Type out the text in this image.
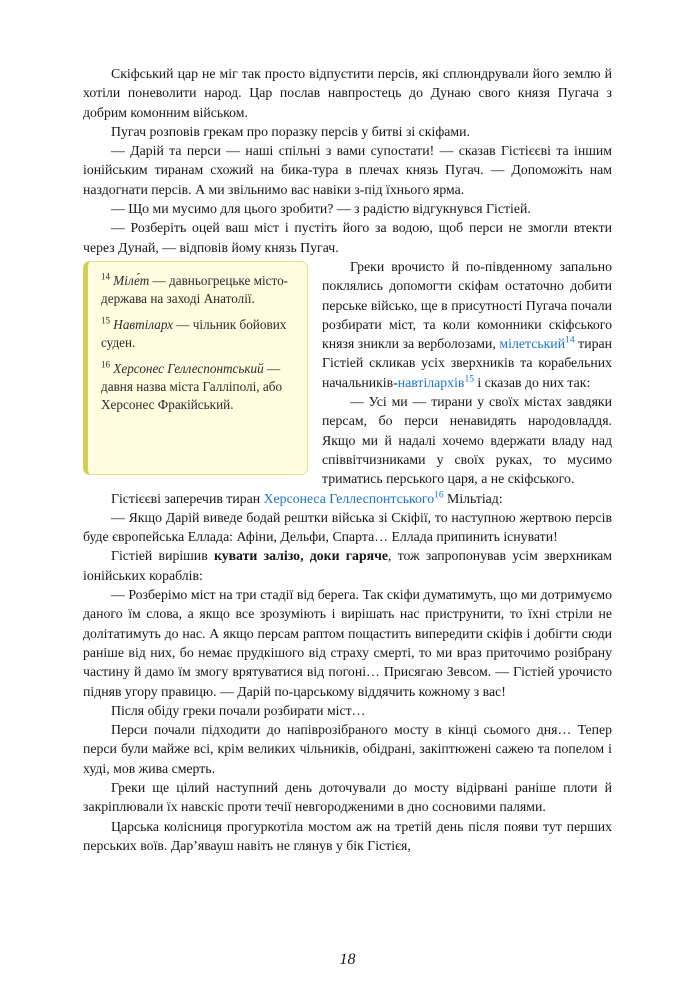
Скіфський цар не міг так просто відпустити персів, які сплюндрували його землю й хотіли поневолити народ. Цар послав навпростець до Дунаю свого князя Пугача з добрим комонним військом.

Пугач розповів грекам про поразку персів у битві зі скіфами.

— Дарій та перси — наші спільні з вами супостати! — сказав Гістієєві та іншим іонійським тиранам схожий на бика-тура в плечах князь Пугач. — Допоможіть нам наздогнати персів. А ми звільнимо вас навіки з-під їхнього ярма.

— Що ми мусимо для цього зробити? — з радістю відгукнувся Гістіей.

— Розберіть оцей ваш міст і пустіть його за водою, щоб перси не змогли втекти через Дунай, — відповів йому князь Пугач.

$^{14}$ Міле́т — давньогрецьке місто-держава на заході Анатолії.
$^{15}$ Навтіларх — чільник бойових суден.
$^{16}$ Херсонес Геллеспонтський — давня назва міста Галліполі, або Херсонес Фракійський.

Греки врочисто й по-південному запально поклялись допомогти скіфам остаточно добити перське військо, ще в присутності Пугача почали розбирати міст, та коли комонники скіфського князя зникли за верболозами, мілетський$^{14}$ тиран Гістіей скликав усіх зверхників та корабельних начальників-навтілархів$^{15}$ і сказав до них так:

— Усі ми — тирани у своїх містах завдяки персам, бо перси ненавидять народовладдя. Якщо ми й надалі хочемо вдержати владу над співвітчизниками у своїх руках, то мусимо триматись перського царя, а не скіфського.

Гістієєві заперечив тиран Херсонеса Геллеспонтського$^{16}$ Мільтіад:

— Якщо Дарій виведе бодай рештки війська зі Скіфії, то наступною жертвою персів буде європейська Еллада: Афіни, Дельфи, Спарта… Еллада припинить існувати!

Гістіей вирішив кувати залізо, доки гаряче, тож запропонував усім зверхникам іонійських кораблів:

— Розберімо міст на три стадії від берега. Так скіфи думатимуть, що ми дотримуємо даного їм слова, а якщо все зрозуміють і вирішать нас приструнити, то їхні стріли не долітатимуть до нас. А якщо персам раптом пощастить випередити скіфів і добігти сюди раніше від них, бо немає прудкішого від страху смерті, то ми враз приточимо розібрану частину й дамо їм змогу врятуватися від погоні… Присягаю Зевсом. — Гістіей урочисто підняв угору правицю. — Дарій по-царському віддячить кожному з вас!

Після обіду греки почали розбирати міст…

Перси почали підходити до напіврозібраного мосту в кінці сьомого дня… Тепер перси були майже всі, крім великих чільників, обідрані, закіптюжені сажею та попелом і худі, мов жива смерть.

Греки ще цілий наступний день доточували до мосту відірвані раніше плоти й закріплювали їх навскіс проти течії невгородженими в дно сосновими палями.

Царська колісниця прогуркотіла мостом аж на третій день після появи тут перших перських воїв. Дар’явауш навіть не глянув у бік Гістієя,

18
